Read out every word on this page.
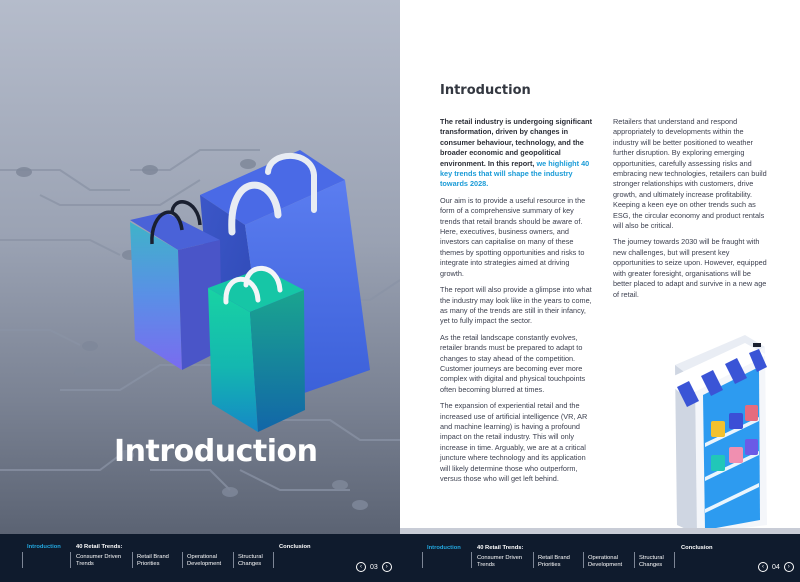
Introduction
Introduction

The retail industry is undergoing significant transformation, driven by changes in consumer behaviour, technology, and the broader economic and geopolitical environment. In this report, we highlight 40 key trends that will shape the industry towards 2028.

Our aim is to provide a useful resource in the form of a comprehensive summary of key trends that retail brands should be aware of. Here, executives, business owners, and investors can capitalise on many of these themes by spotting opportunities and risks to integrate into strategies aimed at driving growth.

The report will also provide a glimpse into what the industry may look like in the years to come, as many of the trends are still in their infancy, yet to fully impact the sector.

As the retail landscape constantly evolves, retailer brands must be prepared to adapt to changes to stay ahead of the competition. Customer journeys are becoming ever more complex with digital and physical touchpoints often becoming blurred at times.

The expansion of experiential retail and the increased use of artificial intelligence (VR, AR and machine learning) is having a profound impact on the retail industry. This will only increase in time. Arguably, we are at a critical juncture where technology and its application will likely determine those who outperform, versus those who will get left behind.

Retailers that understand and respond appropriately to developments within the industry will be better positioned to weather further disruption. By exploring emerging opportunities, carefully assessing risks and embracing new technologies, retailers can build stronger relationships with customers, drive growth, and ultimately increase profitability. Keeping a keen eye on other trends such as ESG, the circular economy and product rentals will also be critical.

The journey towards 2030 will be fraught with new challenges, but will present key opportunities to seize upon. However, equipped with greater foresight, organisations will be better placed to adapt and survive in a new age of retail.

Introduction	40 Retail Trends:
Consumer Driven
Trends
Retail Brand
Priorities
Operational
Development
Structural
Changes
Conclusion
‹	03	›
Introduction	40 Retail Trends:
Consumer Driven
Trends
Retail Brand
Priorities
Operational
Development
Structural
Changes
Conclusion
‹	04	›
